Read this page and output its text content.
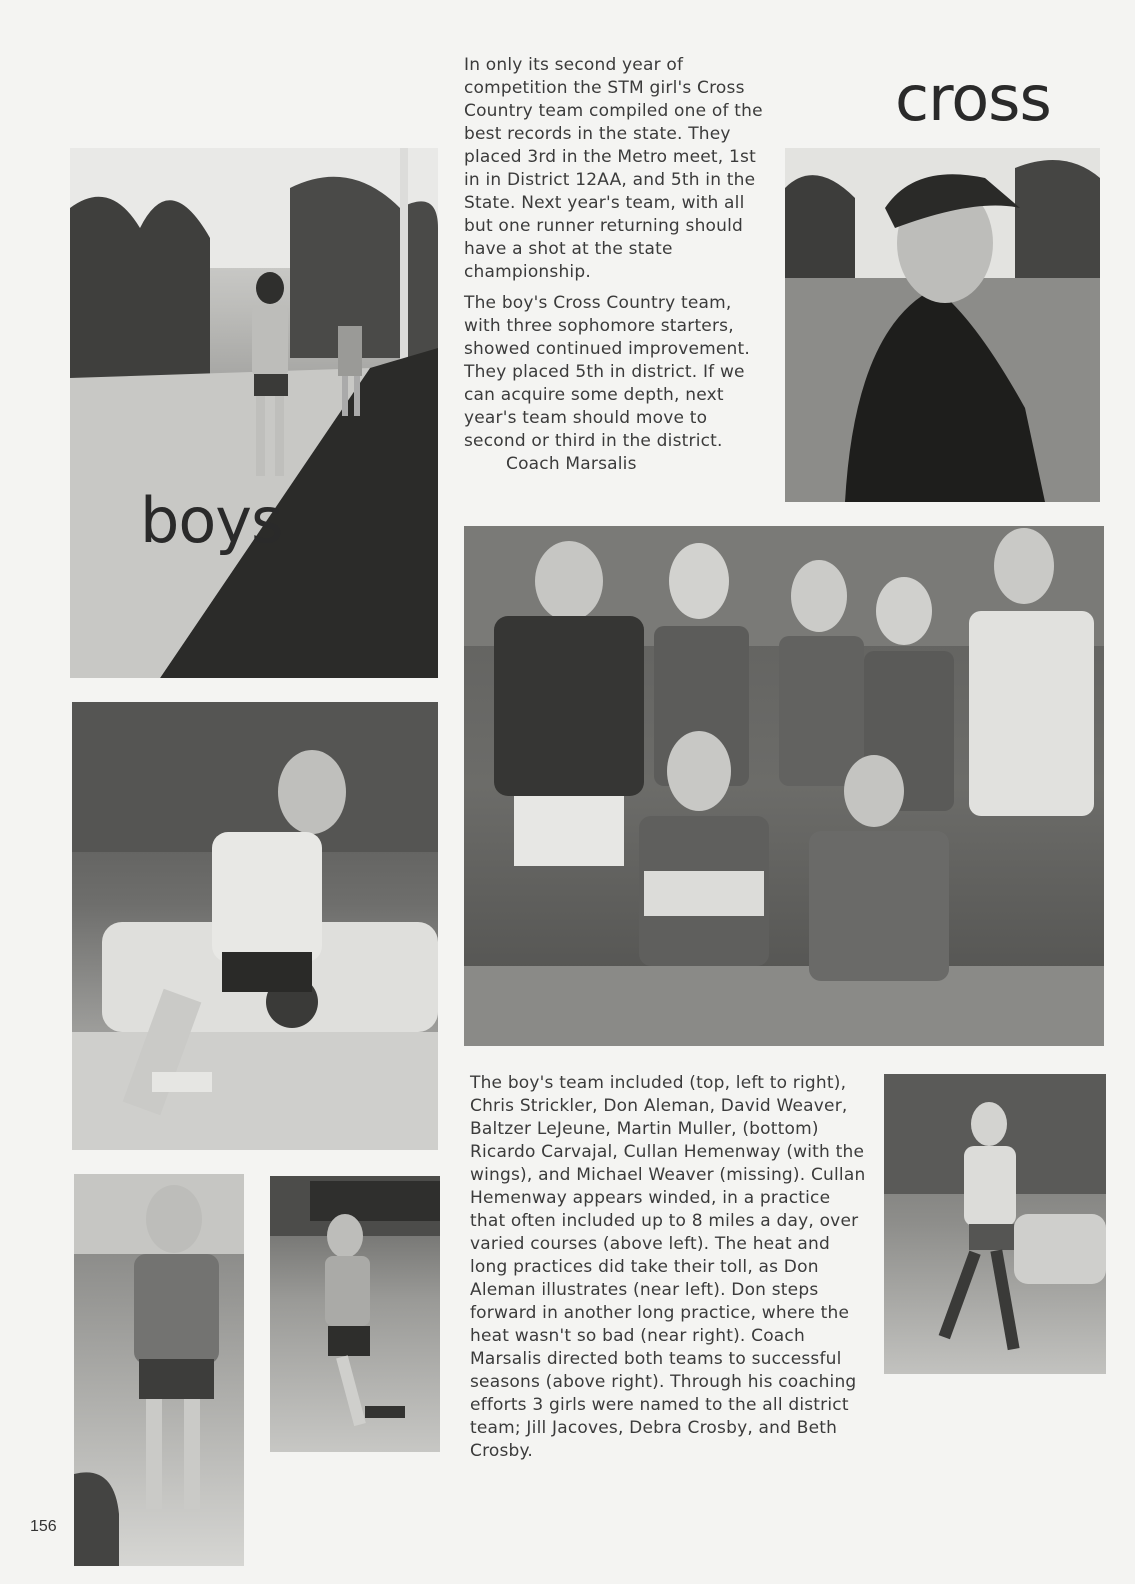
boys

In only its second year of competition the STM girl's Cross Country team compiled one of the best records in the state. They placed 3rd in the Metro meet, 1st in in District 12AA, and 5th in the State. Next year's team, with all but one runner returning should have a shot at the state championship.

The boy's Cross Country team, with three sophomore starters, showed continued improvement. They placed 5th in district. If we can acquire some depth, next year's team should move to second or third in the district.

Coach Marsalis
cross

The boy's team included (top, left to right), Chris Strickler, Don Aleman, David Weaver, Baltzer LeJeune, Martin Muller, (bottom) Ricardo Carvajal, Cullan Hemenway (with the wings), and Michael Weaver (missing). Cullan Hemenway appears winded, in a practice that often included up to 8 miles a day, over varied courses (above left). The heat and long practices did take their toll, as Don Aleman illustrates (near left). Don steps forward in another long practice, where the heat wasn't so bad (near right). Coach Marsalis directed both teams to successful seasons (above right). Through his coaching efforts 3 girls were named to the all district team; Jill Jacoves, Debra Crosby, and Beth Crosby.

156
